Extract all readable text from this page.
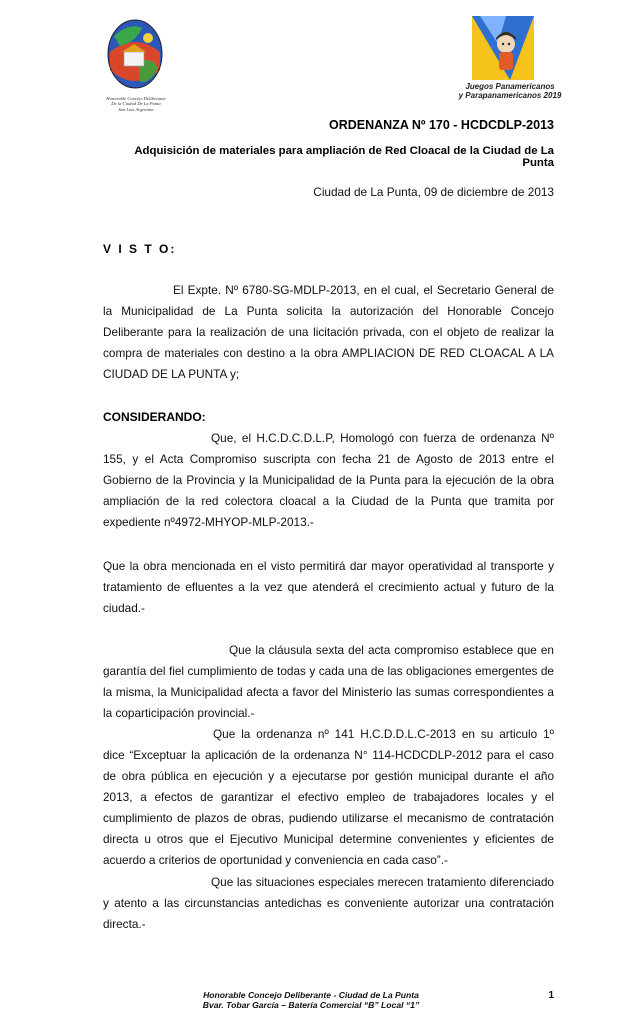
Honorable Concejo Deliberante
De la Ciudad De La Punta
San Luis Argentina
Juegos Panamericanos
y Parapanamericanos 2019
ORDENANZA Nº 170 - HCDCDLP-2013
Adquisición de materiales para ampliación de Red Cloacal de la Ciudad de La Punta
Ciudad de La Punta, 09 de diciembre de 2013
V I S T O:

El Expte. Nº 6780-SG-MDLP-2013, en el cual, el Secretario General de la Municipalidad de La Punta solicita la autorización del Honorable Concejo Deliberante para la realización de una licitación privada, con el objeto de realizar la compra de materiales con destino a la obra AMPLIACION DE RED CLOACAL A LA CIUDAD DE LA PUNTA y;

CONSIDERANDO:

Que, el H.C.D.C.D.L.P, Homologó con fuerza de ordenanza Nº 155, y el Acta Compromiso suscripta con fecha 21 de Agosto de 2013 entre el Gobierno de la Provincia y la Municipalidad de la Punta para la ejecución de la obra ampliación de la red colectora cloacal a la Ciudad de la Punta que tramita por expediente nº4972-MHYOP-MLP-2013.-

Que la obra mencionada en el visto permitirá dar mayor operatividad al transporte y tratamiento de efluentes a la vez que atenderá el crecimiento actual y futuro de la ciudad.-

Que la cláusula sexta del acta compromiso establece que en garantía del fiel cumplimiento de todas y cada una de las obligaciones emergentes de la misma, la Municipalidad afecta a favor del Ministerio las sumas correspondientes a la coparticipación provincial.-

Que la ordenanza nº 141 H.C.D.D.L.C-2013 en su articulo 1º dice “Exceptuar la aplicación de la ordenanza N° 114-HCDCDLP-2012 para el caso de obra pública en ejecución y a ejecutarse por gestión municipal durante el año 2013, a efectos de garantizar el efectivo empleo de trabajadores locales y el cumplimiento de plazos de obras, pudiendo utilizarse el mecanismo de contratación directa u otros que el Ejecutivo Municipal determine convenientes y eficientes de acuerdo a criterios de oportunidad y conveniencia en cada caso”.-

Que las situaciones especiales merecen tratamiento diferenciado y atento a las circunstancias antedichas es conveniente autorizar una contratación directa.-

Honorable Concejo Deliberante - Ciudad de La Punta
Bvar. Tobar García – Batería Comercial “B” Local “1”
1
